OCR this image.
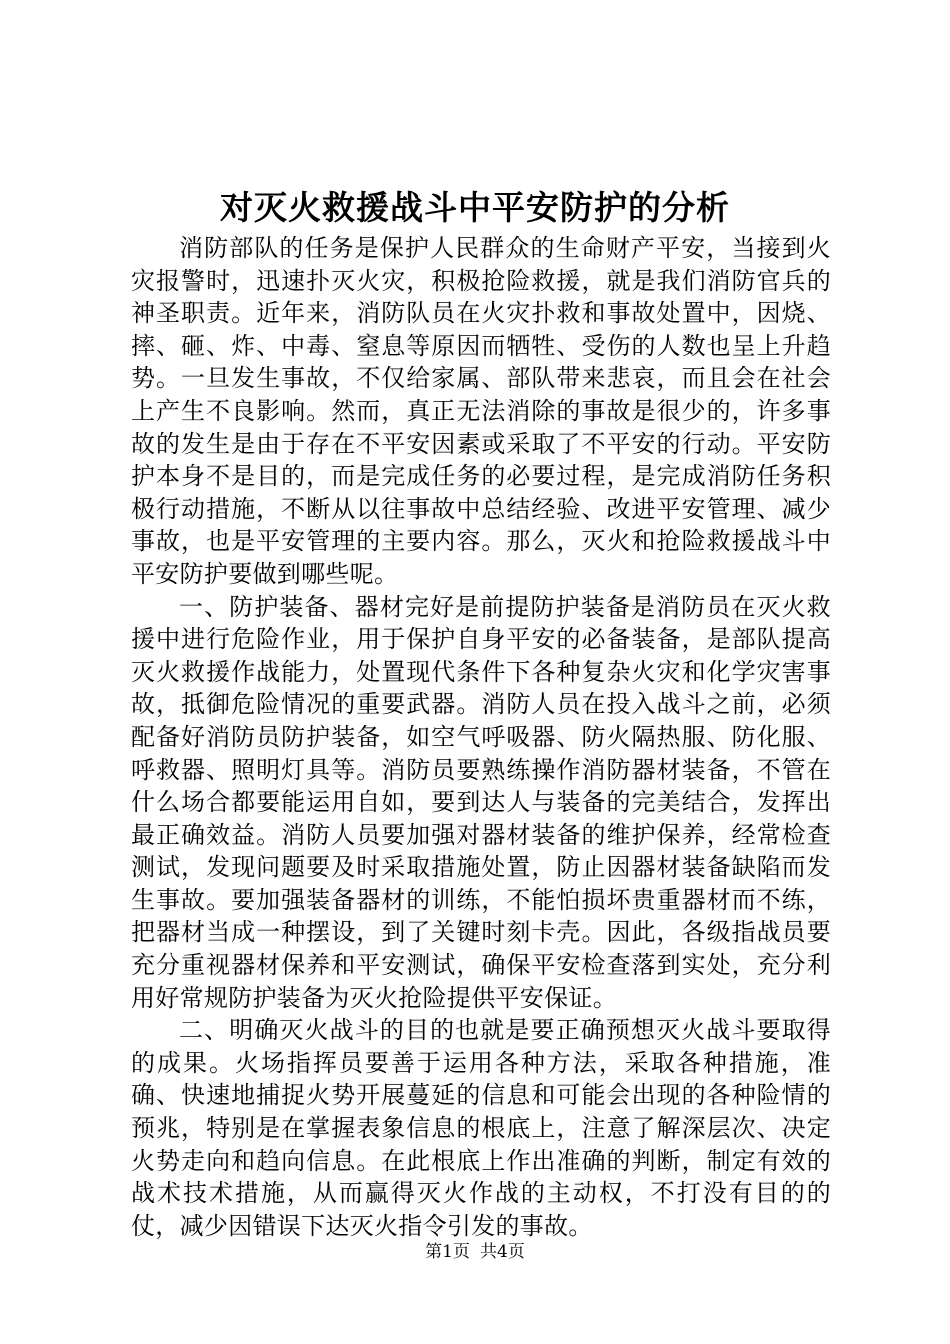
对灭火救援战斗中平安防护的分析

消防部队的任务是保护人民群众的生命财产平安，当接到火灾报警时，迅速扑灭火灾，积极抢险救援，就是我们消防官兵的神圣职责。近年来，消防队员在火灾扑救和事故处置中，因烧、摔、砸、炸、中毒、窒息等原因而牺牲、受伤的人数也呈上升趋势。一旦发生事故，不仅给家属、部队带来悲哀，而且会在社会上产生不良影响。然而，真正无法消除的事故是很少的，许多事故的发生是由于存在不平安因素或采取了不平安的行动。平安防护本身不是目的，而是完成任务的必要过程，是完成消防任务积极行动措施，不断从以往事故中总结经验、改进平安管理、减少事故，也是平安管理的主要内容。那么，灭火和抢险救援战斗中平安防护要做到哪些呢。

一、防护装备、器材完好是前提防护装备是消防员在灭火救援中进行危险作业，用于保护自身平安的必备装备，是部队提高灭火救援作战能力，处置现代条件下各种复杂火灾和化学灾害事故，抵御危险情况的重要武器。消防人员在投入战斗之前，必须配备好消防员防护装备，如空气呼吸器、防火隔热服、防化服、呼救器、照明灯具等。消防员要熟练操作消防器材装备，不管在什么场合都要能运用自如，要到达人与装备的完美结合，发挥出最正确效益。消防人员要加强对器材装备的维护保养，经常检查测试，发现问题要及时采取措施处置，防止因器材装备缺陷而发生事故。要加强装备器材的训练，不能怕损坏贵重器材而不练，把器材当成一种摆设，到了关键时刻卡壳。因此，各级指战员要充分重视器材保养和平安测试，确保平安检查落到实处，充分利用好常规防护装备为灭火抢险提供平安保证。

二、明确灭火战斗的目的也就是要正确预想灭火战斗要取得的成果。火场指挥员要善于运用各种方法，采取各种措施，准确、快速地捕捉火势开展蔓延的信息和可能会出现的各种险情的预兆，特别是在掌握表象信息的根底上，注意了解深层次、决定火势走向和趋向信息。在此根底上作出准确的判断，制定有效的战术技术措施，从而赢得灭火作战的主动权，不打没有目的的仗，减少因错误下达灭火指令引发的事故。

第1页 共4页
